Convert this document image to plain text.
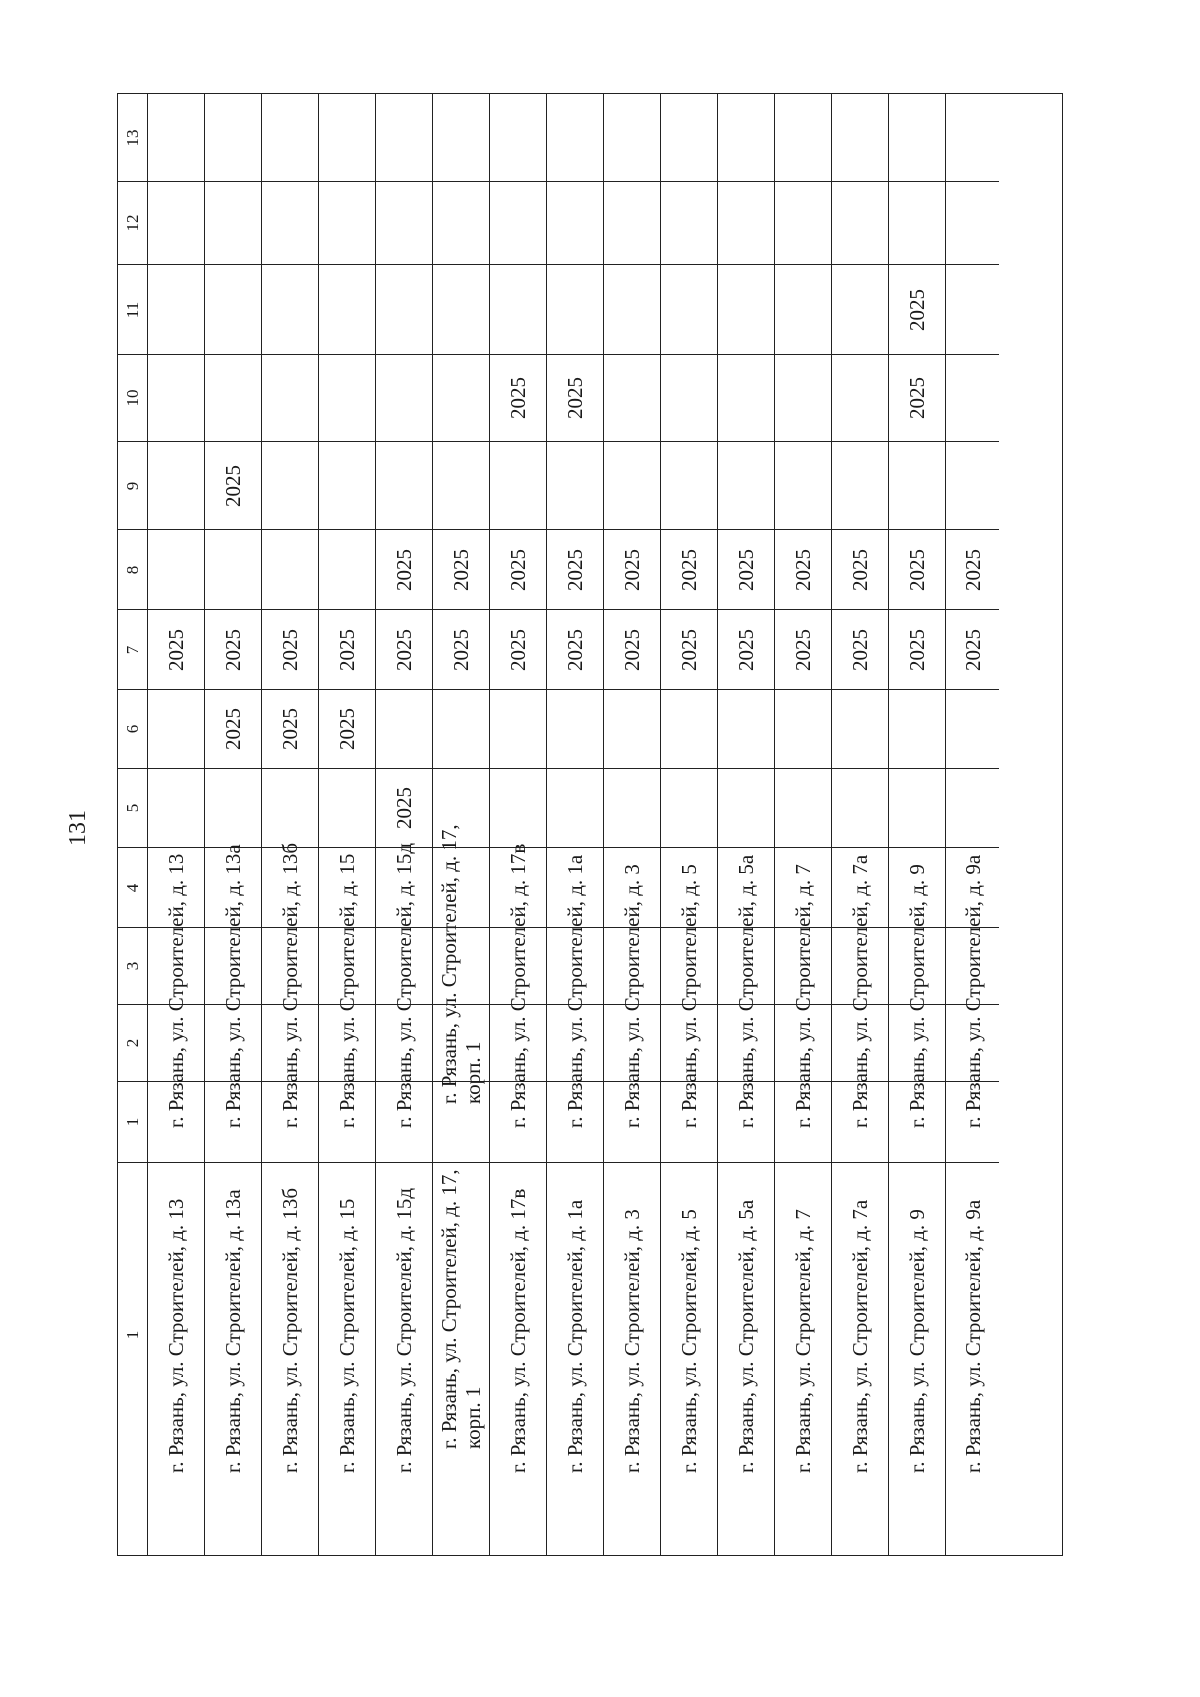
131
13
12
11
10
9
8
7
6
5
4
3
2
1
1
2025
г. Рязань, ул. Строителей, д. 13
г. Рязань, ул. Строителей, д. 13
2025
2025
2025
г. Рязань, ул. Строителей, д. 13а
г. Рязань, ул. Строителей, д. 13а
2025
2025
г. Рязань, ул. Строителей, д. 13б
г. Рязань, ул. Строителей, д. 13б
2025
2025
г. Рязань, ул. Строителей, д. 15
г. Рязань, ул. Строителей, д. 15
2025
2025
2025
г. Рязань, ул. Строителей, д. 15д
г. Рязань, ул. Строителей, д. 15д
2025
2025
г. Рязань, ул. Строителей, д. 17, корп. 1
г. Рязань, ул. Строителей, д. 17, корп. 1
2025
2025
2025
г. Рязань, ул. Строителей, д. 17в
г. Рязань, ул. Строителей, д. 17в
2025
2025
2025
г. Рязань, ул. Строителей, д. 1а
г. Рязань, ул. Строителей, д. 1а
2025
2025
г. Рязань, ул. Строителей, д. 3
г. Рязань, ул. Строителей, д. 3
2025
2025
г. Рязань, ул. Строителей, д. 5
г. Рязань, ул. Строителей, д. 5
2025
2025
г. Рязань, ул. Строителей, д. 5а
г. Рязань, ул. Строителей, д. 5а
2025
2025
г. Рязань, ул. Строителей, д. 7
г. Рязань, ул. Строителей, д. 7
2025
2025
г. Рязань, ул. Строителей, д. 7а
г. Рязань, ул. Строителей, д. 7а
2025
2025
2025
2025
г. Рязань, ул. Строителей, д. 9
г. Рязань, ул. Строителей, д. 9
2025
2025
г. Рязань, ул. Строителей, д. 9а
г. Рязань, ул. Строителей, д. 9а
